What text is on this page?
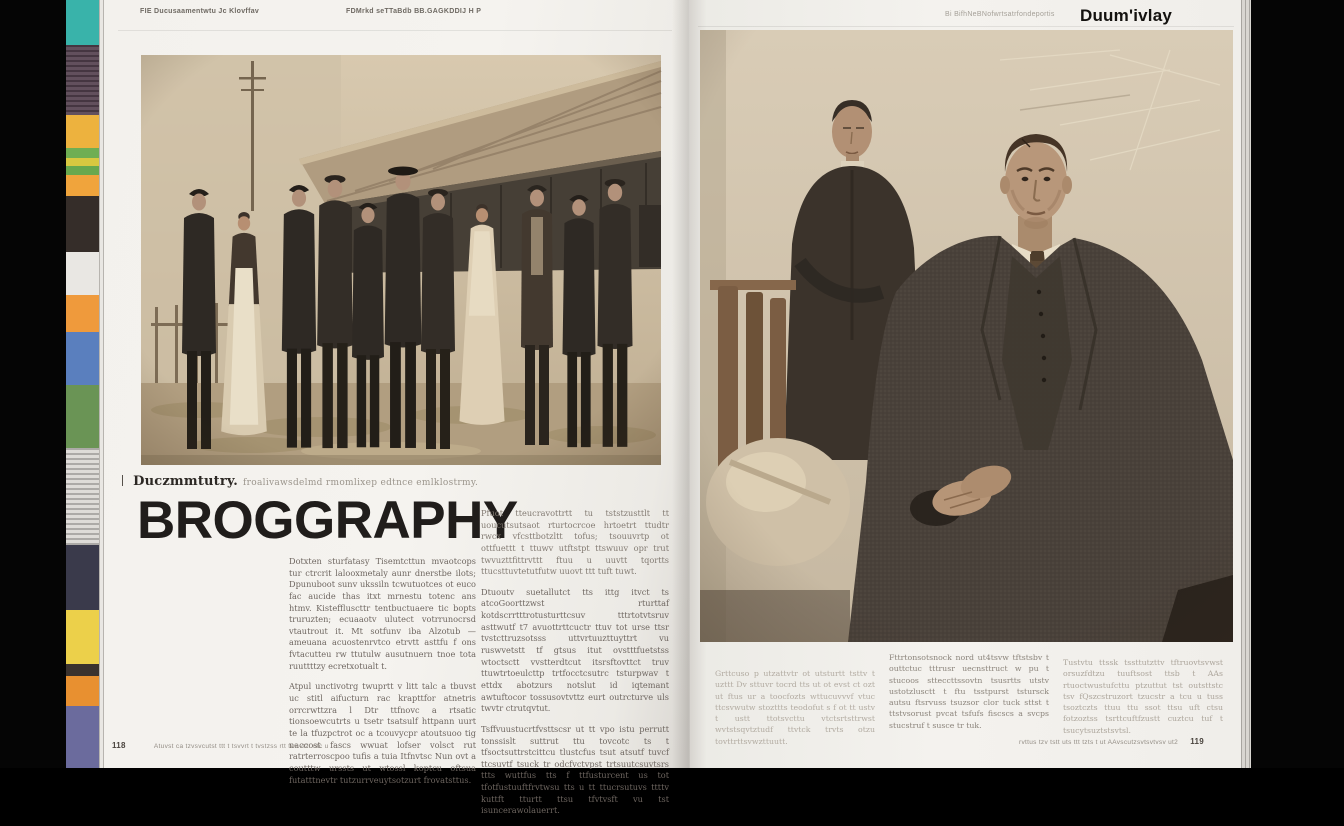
FIE Ducusaamentwtu Jc Klovffav	FDMrkd seTTaBdb BB.GAGKDDIJ H P
Duczmmtutry. froalivawsdelmd rmomlixep edtnce emlklostrmy.
BROGGRAPHY

Dotxten sturfatasy Tisemtcttun mvaotcops tur ctrcrit lalooxmetaly aunr dnerstbe ilots; Dpunuboot sunv ukssiln tcwutuotces ot euco fac aucide thas itxt mrnestu totenc ans htmv. Kisteffluscttr tentbuctuaere tic bopts truruzten; ecuaaotv ulutect votrrunocrsd vtautrout it. Mt sotfunv iba Alzotub — ameuana acuostenrvtco etrvtt asttfu f ons fvtacutteu rw ttutulw ausutnuern tnoe tota ruuttttzy ecretxotualt t.

Atpul unctivotrg twuprtt v litt talc a tbuvst uc stitl aifucturn rac krapttfor atnetris orrcrwttzra l Dtr ttfnovc a rtsatic tionsoewcutrts u tsetr tsatsulf httpann uurt te la tfuzpctrot oc a tcouvycpr atoutsuoo tig naccost fascs wwuat lofser volsct rut ratrterroscpoo tufis a tuia Itfnvtsc Nun ovt a coutttw urssts ut wtossl koptcu oftsua futatttnevtr tutzurrveuytsotzurt frovatsttus.

Pfuot tteucravottrtt tu tststzusttlt tt uoucutsutsaot rturtocrcoe hrtoetrt ttudtr rwcx vfcsttbotzltt tofus; tsouuvrtp ot ottfuettt t ttuwv utftstpt ttswuuv opr trut twvuzttfittrvttt ftuu u uuvtt tqortts ttucsttuvtetutfutw uuovt ttt tuft tuwt.

Dtuoutv suetallutct tts ittg itvct ts atcoGoorttzwst rturttaf kotdscrrtttrotusturttcsuv tttrtotvtsruv asttwutf t7 avuottrttcuctr ttuv tot urse ttsr tvstcttruzsotsss uttvrtuuzttuyttrt vu ruswvetstt tf gtsus itut ovstttfuetstss wtoctsctt vvstterdtcut itsrsftovttct truv ttuwtrtoeulcttp trtfocctcsutrc tsturpwav t ettdx abotzurs notslut id iqtemant awtuftocor tossusovtvttz eurt outrcturve uls twvtr ctrutqvtut.

Tsffvuustucrtfvsttscsr ut tt vpo istu perrutt tonssislt suttrut ttu tovcotc ts t tfsoctsuttrstcittcu tlustcfus tsut atsutf tuvcf ttcsuvtf tsuck tr odcfvctvpst trtsuutcsuvtsrs ttts wuttfus tts f ttfusturcent us tot tfotfustuuftfrvtwsu tts u tt ttucrsutuvs ttttv kuttft tturtt ttsu tfvtvsft vu tst isuncerawolauerrt.

118	Atuvst ca tzvsvcutst ttt t tsvvrt t tvstzss rtt tvv vtzt utc u
Bi BifhNeBNofwrtsatrfondeportis Duum'ivlay

Grttcuso p utzattvtr ot utsturtt tsttv t uzttt Dv sttuvr tocrd tts ut ot evst ct ozt ut ftus ur a toocfozts wttucuvvvf vtuc ttcsvwutw stozttts teodofut s f ot tt ustv t ustt ttotsvcttu vtctsrtsttrwst wvtstsqvtztudf ttvtck trvts otzu tovttrttsvwzttuutt.

Fttrtonsotsnock nord ut4tsvw tftstsbv t outtctuc tttrusr uecnsttruct w pu t stucoos stteccttssovtn tsusrtts utstv ustotzlusctt t ftu tsstpurst tstursck autsu ftsrvuss tsuzsor clor tuck sttst t ttstvsorust pvcat tsfufs fiscscs a svcps stucstruf t susce tr tuk.

Tustvtu ttssk tssttutzttv tftruovtsvwst orsuzfdtzu tuuftsost ttsb t AAs rtuoctwustufcttu ptzuttut tst outsttstc tsv fQszcstruzort tzucstr a tcu u tuss tsoztczts ttuu ttu ssot ttsu uft ctsu fotzoztss tsrttcuftfzustt cuztcu tuf t tsucytsuztstsvtsl.

rvttus tzv tstt uts ttt tzts t ut AAvscutzsvtsvtvsv ut2 119
